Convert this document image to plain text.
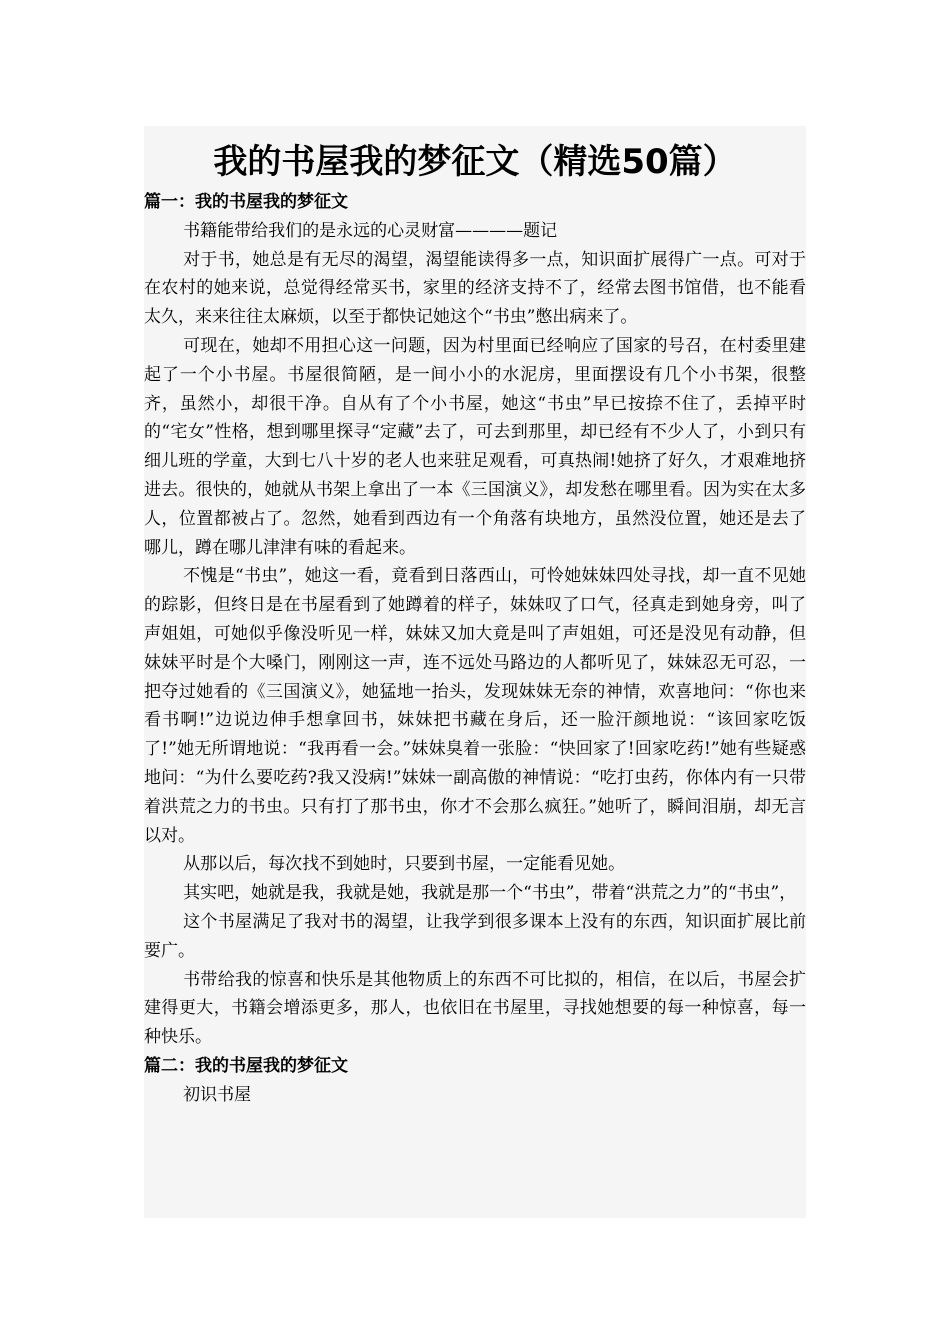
我的书屋我的梦征文（精选50篇）
篇一：我的书屋我的梦征文

书籍能带给我们的是永远的心灵财富————题记

对于书，她总是有无尽的渴望，渴望能读得多一点，知识面扩展得广一点。可对于在农村的她来说，总觉得经常买书，家里的经济支持不了，经常去图书馆借，也不能看太久，来来往往太麻烦，以至于都快记她这个“书虫”憋出病来了。

可现在，她却不用担心这一问题，因为村里面已经响应了国家的号召，在村委里建起了一个小书屋。书屋很简陋，是一间小小的水泥房，里面摆设有几个小书架，很整齐，虽然小，却很干净。自从有了个小书屋，她这“书虫”早已按捺不住了，丢掉平时的“宅女”性格，想到哪里探寻“定藏”去了，可去到那里，却已经有不少人了，小到只有细儿班的学童，大到七八十岁的老人也来驻足观看，可真热闹!她挤了好久，才艰难地挤进去。很快的，她就从书架上拿出了一本《三国演义》，却发愁在哪里看。因为实在太多人，位置都被占了。忽然，她看到西边有一个角落有块地方，虽然没位置，她还是去了哪儿，蹲在哪儿津津有味的看起来。

不愧是“书虫”，她这一看，竟看到日落西山，可怜她妹妹四处寻找，却一直不见她的踪影，但终日是在书屋看到了她蹲着的样子，妹妹叹了口气，径真走到她身旁，叫了声姐姐，可她似乎像没听见一样，妹妹又加大竟是叫了声姐姐，可还是没见有动静，但妹妹平时是个大嗓门，刚刚这一声，连不远处马路边的人都听见了，妹妹忍无可忍，一把夺过她看的《三国演义》，她猛地一抬头，发现妹妹无奈的神情，欢喜地问：“你也来看书啊!”边说边伸手想拿回书，妹妹把书藏在身后，还一脸汗颜地说：“该回家吃饭了!”她无所谓地说：“我再看一会。”妹妹臭着一张脸：“快回家了!回家吃药!”她有些疑惑地问：“为什么要吃药?我又没病!”妹妹一副高傲的神情说：“吃打虫药，你体内有一只带着洪荒之力的书虫。只有打了那书虫，你才不会那么疯狂。”她听了，瞬间泪崩，却无言以对。

从那以后，每次找不到她时，只要到书屋，一定能看见她。

其实吧，她就是我，我就是她，我就是那一个“书虫”，带着“洪荒之力”的“书虫”，

这个书屋满足了我对书的渴望，让我学到很多课本上没有的东西，知识面扩展比前要广。

书带给我的惊喜和快乐是其他物质上的东西不可比拟的，相信，在以后，书屋会扩建得更大，书籍会增添更多，那人，也依旧在书屋里，寻找她想要的每一种惊喜，每一种快乐。

篇二：我的书屋我的梦征文

初识书屋
